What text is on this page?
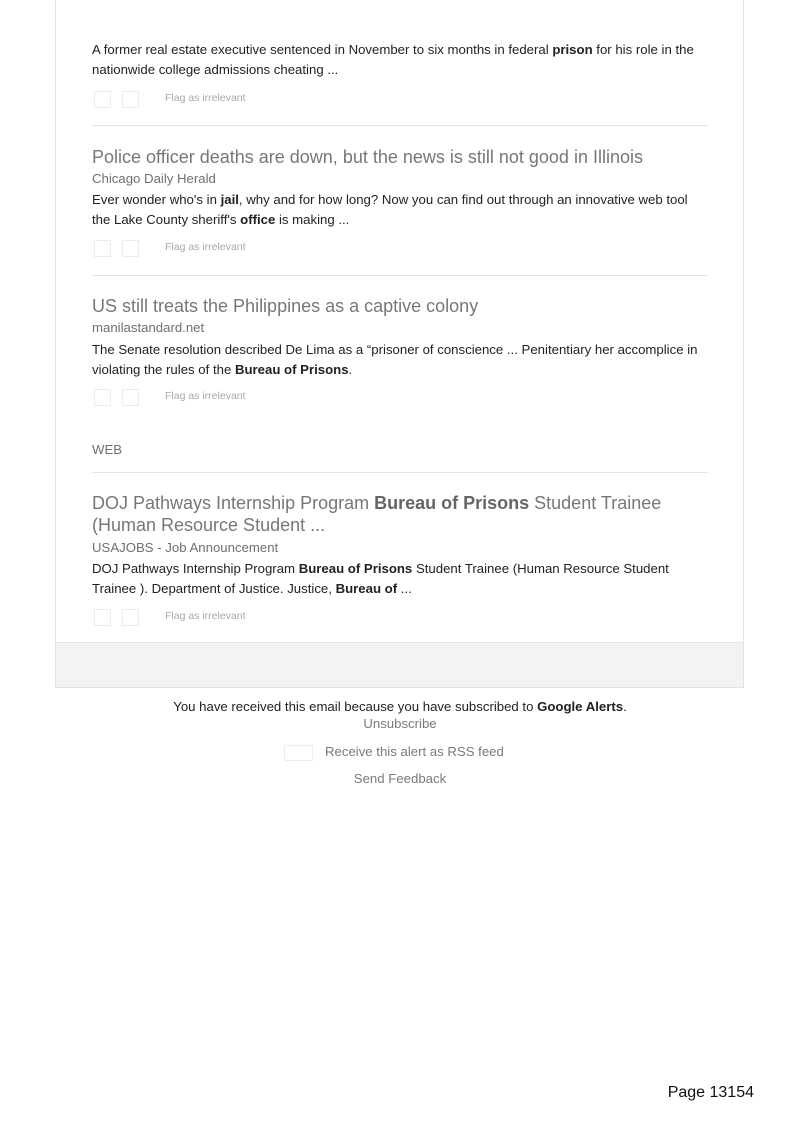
A former real estate executive sentenced in November to six months in federal prison for his role in the nationwide college admissions cheating ...
Flag as irrelevant
Police officer deaths are down, but the news is still not good in Illinois
Chicago Daily Herald
Ever wonder who's in jail, why and for how long? Now you can find out through an innovative web tool the Lake County sheriff's office is making ...
Flag as irrelevant
US still treats the Philippines as a captive colony
manilastandard.net
The Senate resolution described De Lima as a “prisoner of conscience ... Penitentiary her accomplice in violating the rules of the Bureau of Prisons.
Flag as irrelevant
WEB
DOJ Pathways Internship Program Bureau of Prisons Student Trainee (Human Resource Student ...
USAJOBS - Job Announcement
DOJ Pathways Internship Program Bureau of Prisons Student Trainee (Human Resource Student Trainee ). Department of Justice. Justice, Bureau of ...
Flag as irrelevant
You have received this email because you have subscribed to Google Alerts.
Unsubscribe
Receive this alert as RSS feed
Send Feedback
Page 13154
